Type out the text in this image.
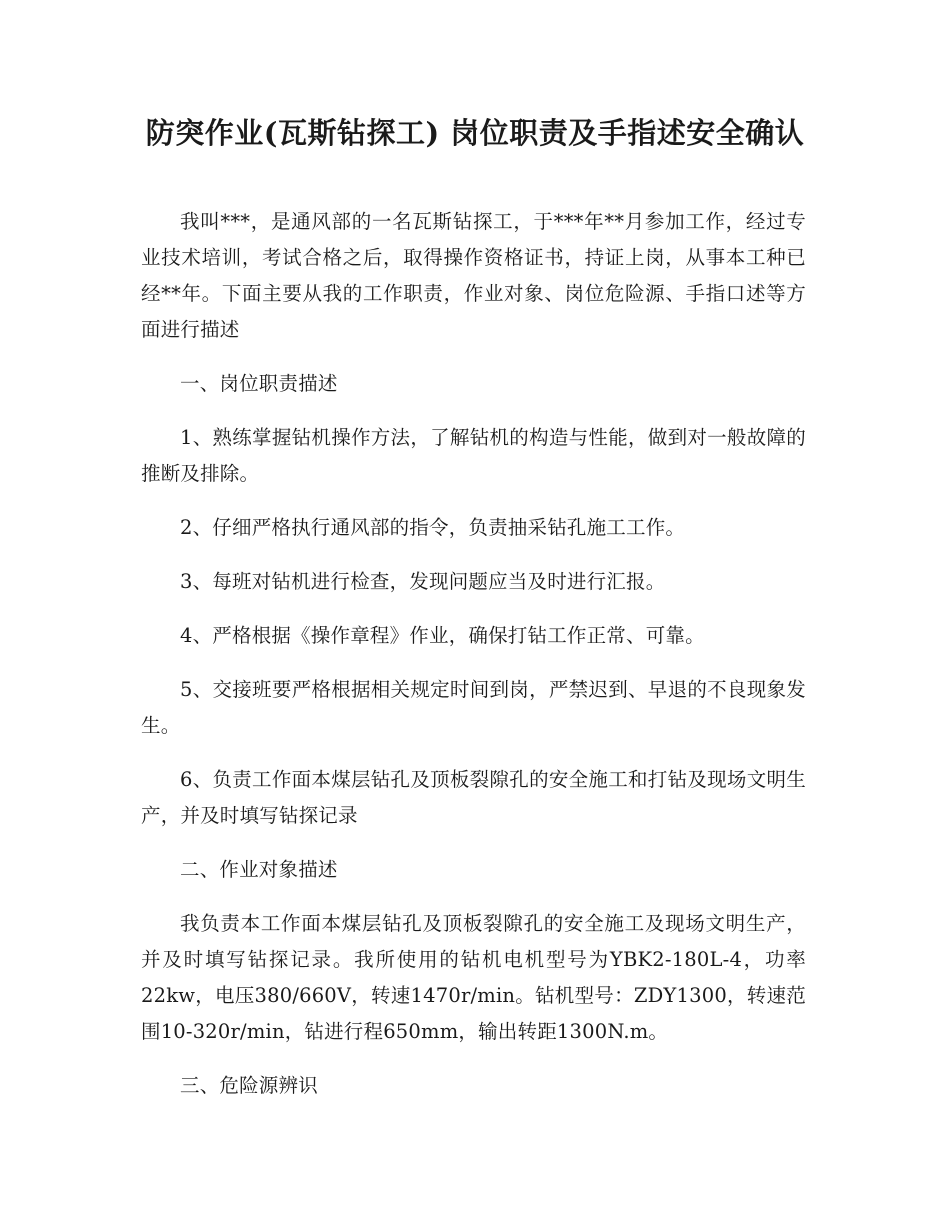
防突作业(瓦斯钻探工) 岗位职责及手指述安全确认

我叫***，是通风部的一名瓦斯钻探工，于***年**月参加工作，经过专业技术培训，考试合格之后，取得操作资格证书，持证上岗，从事本工种已经**年。下面主要从我的工作职责，作业对象、岗位危险源、手指口述等方面进行描述

一、岗位职责描述

1、熟练掌握钻机操作方法，了解钻机的构造与性能，做到对一般故障的推断及排除。

2、仔细严格执行通风部的指令，负责抽采钻孔施工工作。

3、每班对钻机进行检查，发现问题应当及时进行汇报。

4、严格根据《操作章程》作业，确保打钻工作正常、可靠。

5、交接班要严格根据相关规定时间到岗，严禁迟到、早退的不良现象发生。

6、负责工作面本煤层钻孔及顶板裂隙孔的安全施工和打钻及现场文明生产，并及时填写钻探记录

二、作业对象描述

我负责本工作面本煤层钻孔及顶板裂隙孔的安全施工及现场文明生产，并及时填写钻探记录。我所使用的钻机电机型号为YBK2-180L-4，功率22kw，电压380/660V，转速1470r/min。钻机型号：ZDY1300，转速范围10-320r/min，钻进行程650mm，输出转距1300N.m。

三、危险源辨识
